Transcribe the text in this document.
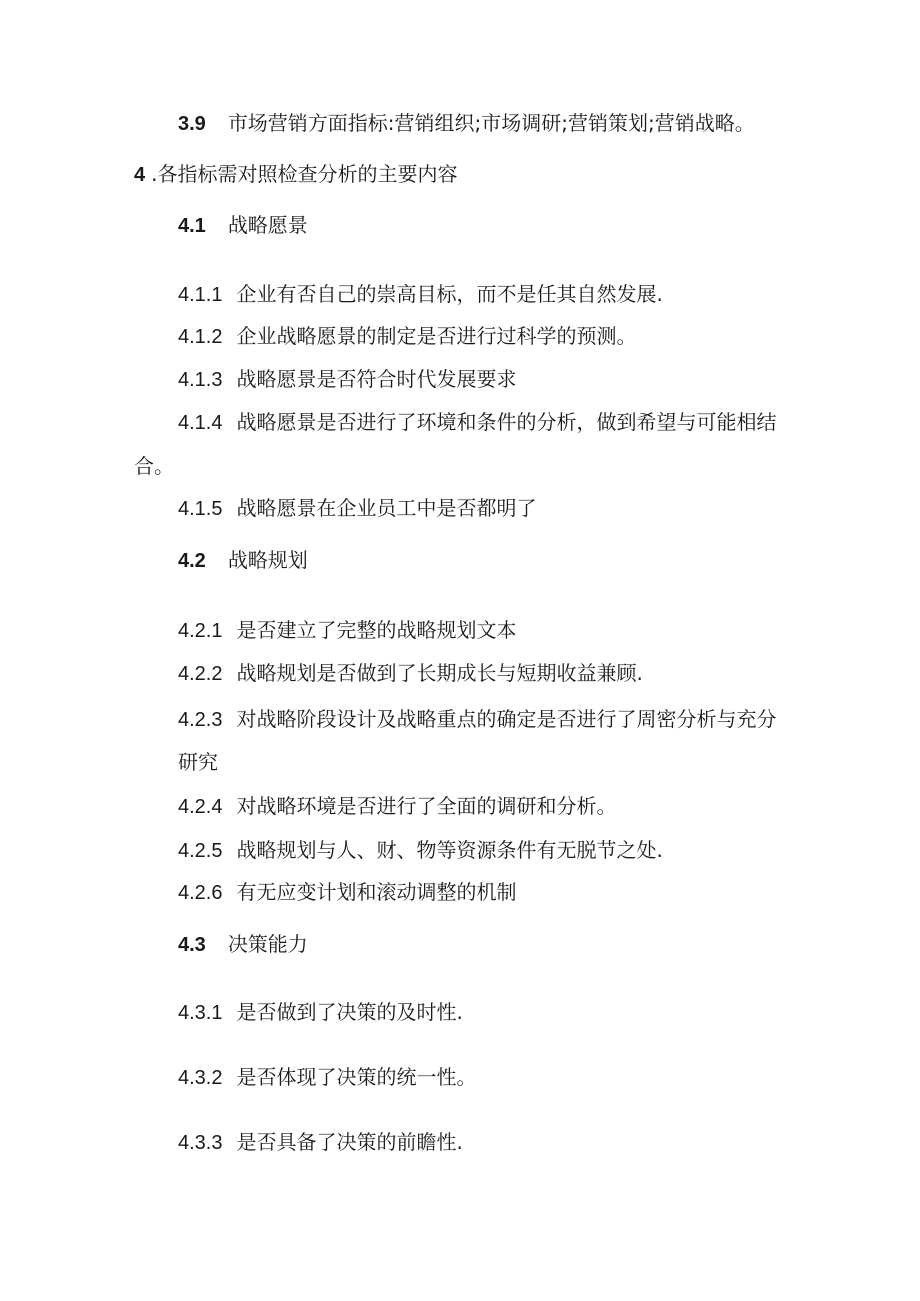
3.9 市场营销方面指标:营销组织;市场调研;营销策划;营销战略。
4 .各指标需对照检查分析的主要内容
4.1 战略愿景
4.1.1 企业有否自己的崇高目标，而不是任其自然发展.
4.1.2 企业战略愿景的制定是否进行过科学的预测。
4.1.3 战略愿景是否符合时代发展要求
4.1.4 战略愿景是否进行了环境和条件的分析，做到希望与可能相结
合。
4.1.5 战略愿景在企业员工中是否都明了
4.2 战略规划
4.2.1 是否建立了完整的战略规划文本
4.2.2 战略规划是否做到了长期成长与短期收益兼顾.
4.2.3 对战略阶段设计及战略重点的确定是否进行了周密分析与充分
研究
4.2.4 对战略环境是否进行了全面的调研和分析。
4.2.5 战略规划与人、财、物等资源条件有无脱节之处.
4.2.6 有无应变计划和滚动调整的机制
4.3 决策能力
4.3.1 是否做到了决策的及时性.
4.3.2 是否体现了决策的统一性。
4.3.3 是否具备了决策的前瞻性.
